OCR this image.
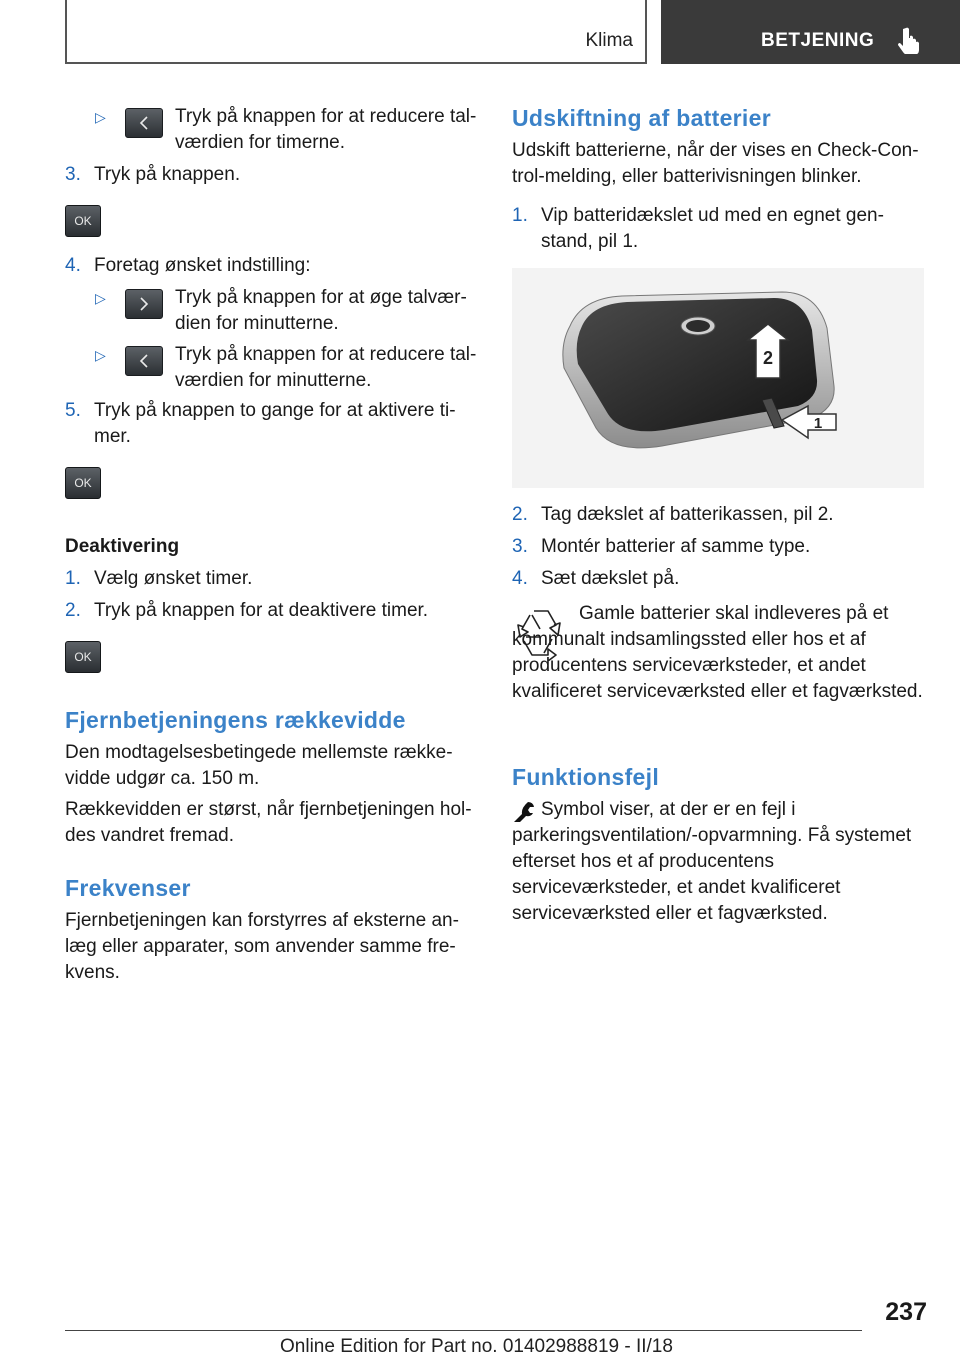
Klima	BETJENING
▷	Tryk på knappen for at reducere talværdien for timerne.
3. Tryk på knappen.
OK
4. Foretag ønsket indstilling:
▷	Tryk på knappen for at øge talværdien for minutterne.
▷	Tryk på knappen for at reducere talværdien for minutterne.
5. Tryk på knappen to gange for at aktivere timer.
OK
Deaktivering
1. Vælg ønsket timer.
2. Tryk på knappen for at deaktivere timer.
OK
Fjernbetjeningens rækkevidde
Den modtagelsesbetingede mellemste rækkevidde udgør ca. 150 m.
Rækkevidden er størst, når fjernbetjeningen holdes vandret fremad.
Frekvenser
Fjernbetjeningen kan forstyrres af eksterne anlæg eller apparater, som anvender samme frekvens.
Udskiftning af batterier
Udskift batterierne, når der vises en Check-Control-melding, eller batterivisningen blinker.
1. Vip batteridækslet ud med en egnet genstand, pil 1.
2
1
2. Tag dækslet af batterikassen, pil 2.
3. Montér batterier af samme type.
4. Sæt dækslet på.
Gamle batterier skal indleveres på et kommunalt indsamlingssted eller hos et af producentens serviceværksteder, et andet kvalificeret serviceværksted eller et fagværksted.
Funktionsfejl
Symbol viser, at der er en fejl i parkeringsventilation/-opvarmning. Få systemet efterset hos et af producentens serviceværksteder, et andet kvalificeret serviceværksted eller et fagværksted.
237
Online Edition for Part no. 01402988819 - II/18
